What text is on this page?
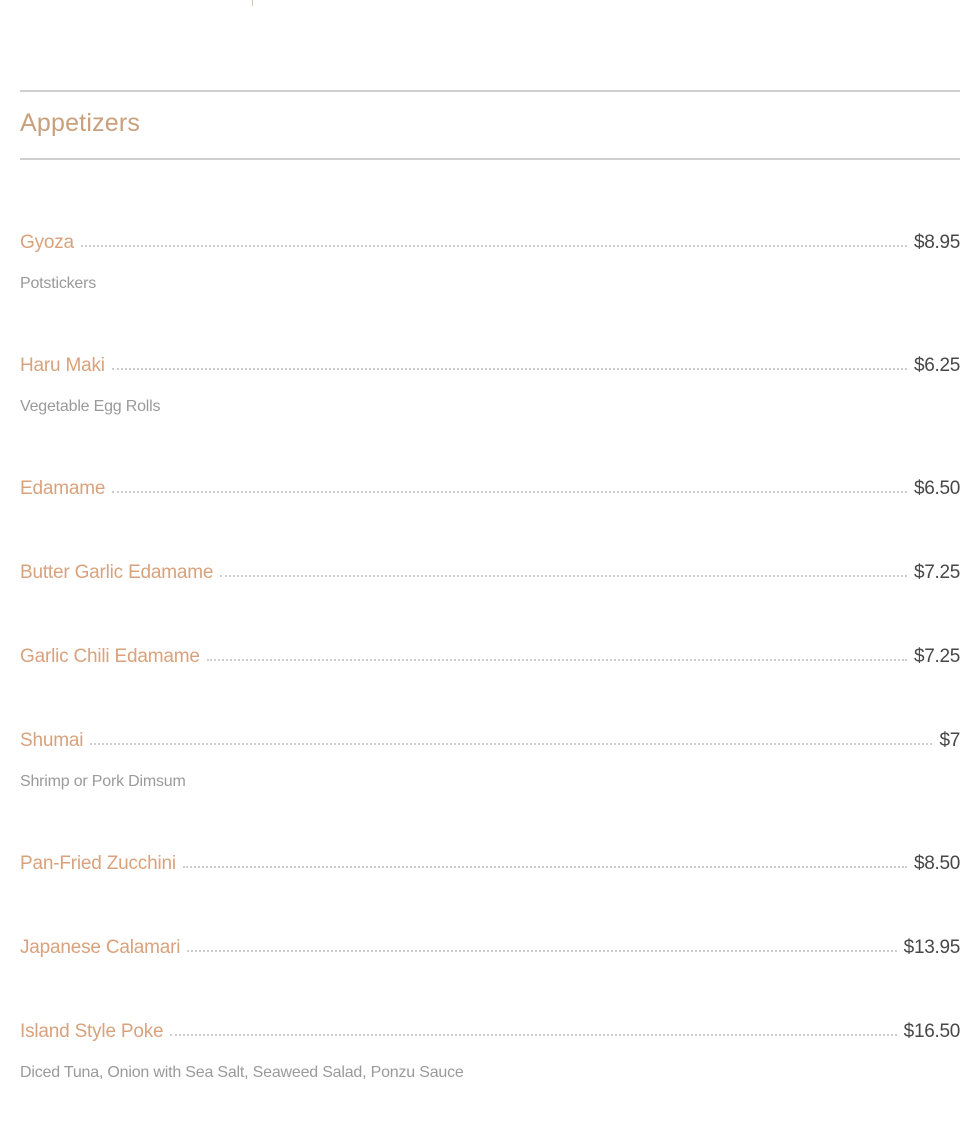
Appetizers
Gyoza	$8.95
Potstickers
Haru Maki	$6.25
Vegetable Egg Rolls
Edamame	$6.50
Butter Garlic Edamame	$7.25
Garlic Chili Edamame	$7.25
Shumai	$7
Shrimp or Pork Dimsum
Pan-Fried Zucchini	$8.50
Japanese Calamari	$13.95
Island Style Poke	$16.50
Diced Tuna, Onion with Sea Salt, Seaweed Salad, Ponzu Sauce
